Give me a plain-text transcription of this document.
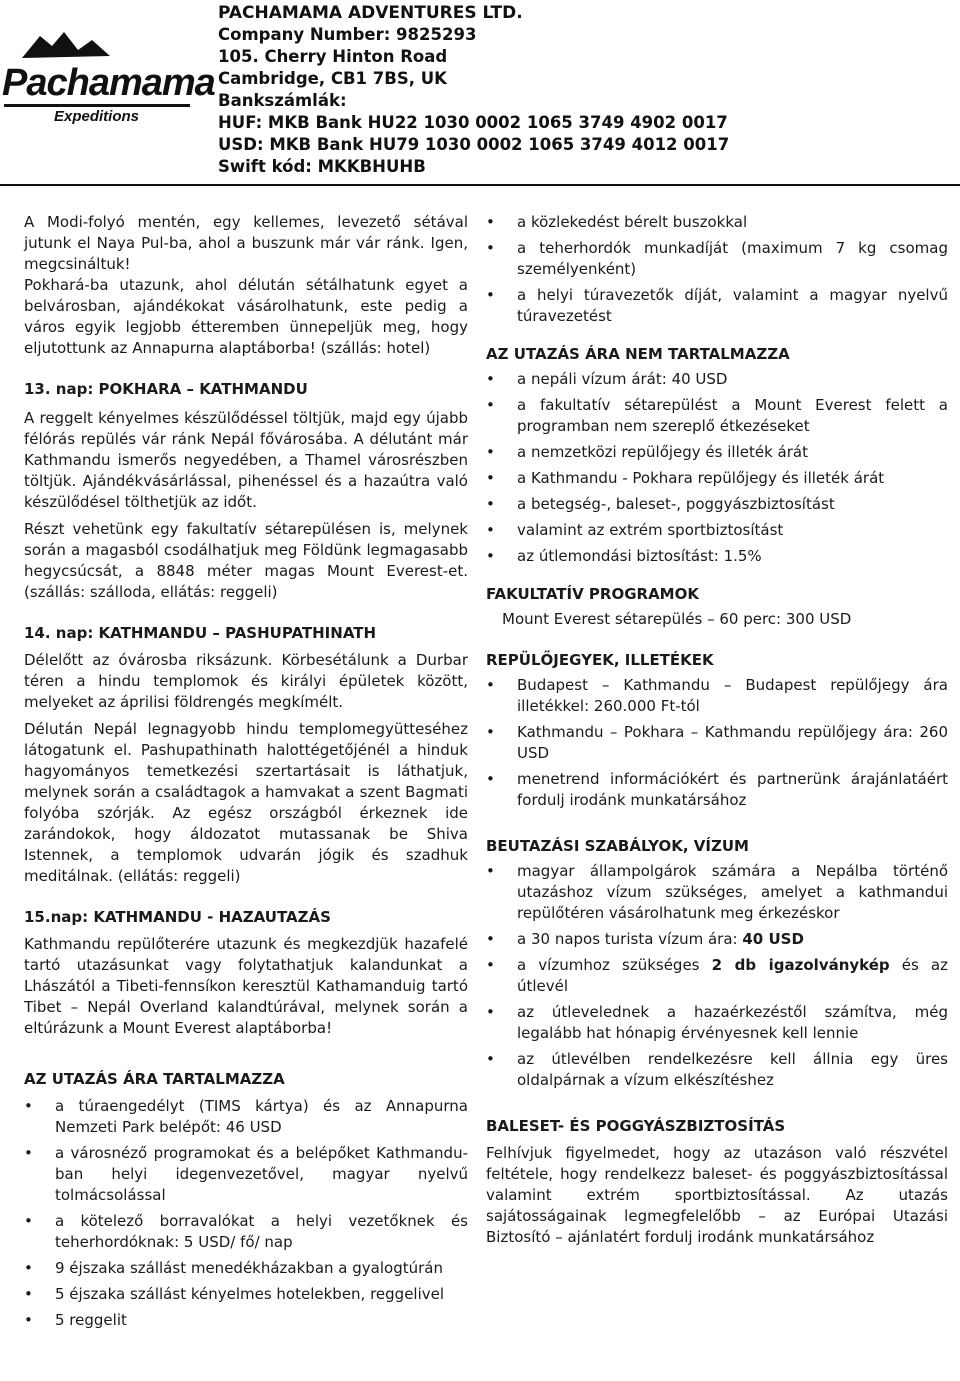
Pachamama
Expeditions
PACHAMAMA ADVENTURES LTD.
Company Number: 9825293
105. Cherry Hinton Road
Cambridge, CB1 7BS, UK
Bankszámlák:
HUF: MKB Bank HU22 1030 0002 1065 3749 4902 0017
USD: MKB Bank HU79 1030 0002 1065 3749 4012 0017
Swift kód: MKKBHUHB

A Modi-folyó mentén, egy kellemes, levezető sétával jutunk el Naya Pul-ba, ahol a buszunk már vár ránk. Igen, megcsináltuk!

Pokhará-ba utazunk, ahol délután sétálhatunk egyet a belvárosban, ajándékokat vásárolhatunk, este pedig a város egyik legjobb étteremben ünnepeljük meg, hogy eljutottunk az Annapurna alaptáborba! (szállás: hotel)

13. nap: POKHARA – KATHMANDU

A reggelt kényelmes készülődéssel töltjük, majd egy újabb félórás repülés vár ránk Nepál fővárosába. A délutánt már Kathmandu ismerős negyedében, a Thamel városrészben töltjük. Ajándékvásárlással, pihenéssel és a hazaútra való készülődésel tölthetjük az időt.

Részt vehetünk egy fakultatív sétarepülésen is, melynek során a magasból csodálhatjuk meg Földünk legmagasabb hegycsúcsát, a 8848 méter magas Mount Everest-et. (szállás: szálloda, ellátás: reggeli)

14. nap: KATHMANDU – PASHUPATHINATH

Délelőtt az óvárosba riksázunk. Körbesétálunk a Durbar téren a hindu templomok és királyi épületek között, melyeket az áprilisi földrengés megkímélt.

Délután Nepál legnagyobb hindu templomegyütteséhez látogatunk el. Pashupathinath halottégetőjénél a hinduk hagyományos temetkezési szertartásait is láthatjuk, melynek során a családtagok a hamvakat a szent Bagmati folyóba szórják. Az egész országból érkeznek ide zarándokok, hogy áldozatot mutassanak be Shiva Istennek, a templomok udvarán jógik és szadhuk meditálnak. (ellátás: reggeli)

15.nap: KATHMANDU - HAZAUTAZÁS

Kathmandu repülőterére utazunk és megkezdjük hazafelé tartó utazásunkat vagy folytathatjuk kalandunkat a Lhászától a Tibeti-fennsíkon keresztül Kathamanduig tartó Tibet – Nepál Overland kalandtúrával, melynek során a eltúrázunk a Mount Everest alaptáborba!

AZ UTAZÁS ÁRA TARTALMAZZA
• a túraengedélyt (TIMS kártya) és az Annapurna Nemzeti Park belépőt: 46 USD
• a városnéző programokat és a belépőket Kathmandu-ban helyi idegenvezetővel, magyar nyelvű tolmácsolással
• a kötelező borravalókat a helyi vezetőknek és teherhordóknak: 5 USD/ fő/ nap
• 9 éjszaka szállást menedékházakban a gyalogtúrán
• 5 éjszaka szállást kényelmes hotelekben, reggelivel
• 5 reggelit
• a közlekedést bérelt buszokkal
• a teherhordók munkadíját (maximum 7 kg csomag személyenként)
• a helyi túravezetők díját, valamint a magyar nyelvű túravezetést
AZ UTAZÁS ÁRA NEM TARTALMAZZA
• a nepáli vízum árát: 40 USD
• a fakultatív sétarepülést a Mount Everest felett a programban nem szereplő étkezéseket
• a nemzetközi repülőjegy és illeték árát
• a Kathmandu - Pokhara repülőjegy és illeték árát
• a betegség-, baleset-, poggyászbiztosítást
• valamint az extrém sportbiztosítást
• az útlemondási biztosítást: 1.5%
FAKULTATÍV PROGRAMOK

Mount Everest sétarepülés – 60 perc: 300 USD

REPÜLŐJEGYEK, ILLETÉKEK
• Budapest – Kathmandu – Budapest repülőjegy ára illetékkel: 260.000 Ft-tól
• Kathmandu – Pokhara – Kathmandu repülőjegy ára: 260 USD
• menetrend információkért és partnerünk árajánlatáért fordulj irodánk munkatársához
BEUTAZÁSI SZABÁLYOK, VÍZUM
• magyar állampolgárok számára a Nepálba történő utazáshoz vízum szükséges, amelyet a kathmandui repülőtéren vásárolhatunk meg érkezéskor
• a 30 napos turista vízum ára: 40 USD
• a vízumhoz szükséges 2 db igazolványkép és az útlevél
• az útlevelednek a hazaérkezéstől számítva, még legalább hat hónapig érvényesnek kell lennie
• az útlevélben rendelkezésre kell állnia egy üres oldalpárnak a vízum elkészítéshez
BALESET- ÉS POGGYÁSZBIZTOSÍTÁS

Felhívjuk figyelmedet, hogy az utazáson való részvétel feltétele, hogy rendelkezz baleset- és poggyászbiztosítással valamint extrém sportbiztosítással. Az utazás sajátosságainak legmegfelelőbb – az Európai Utazási Biztosító – ajánlatért fordulj irodánk munkatársához
